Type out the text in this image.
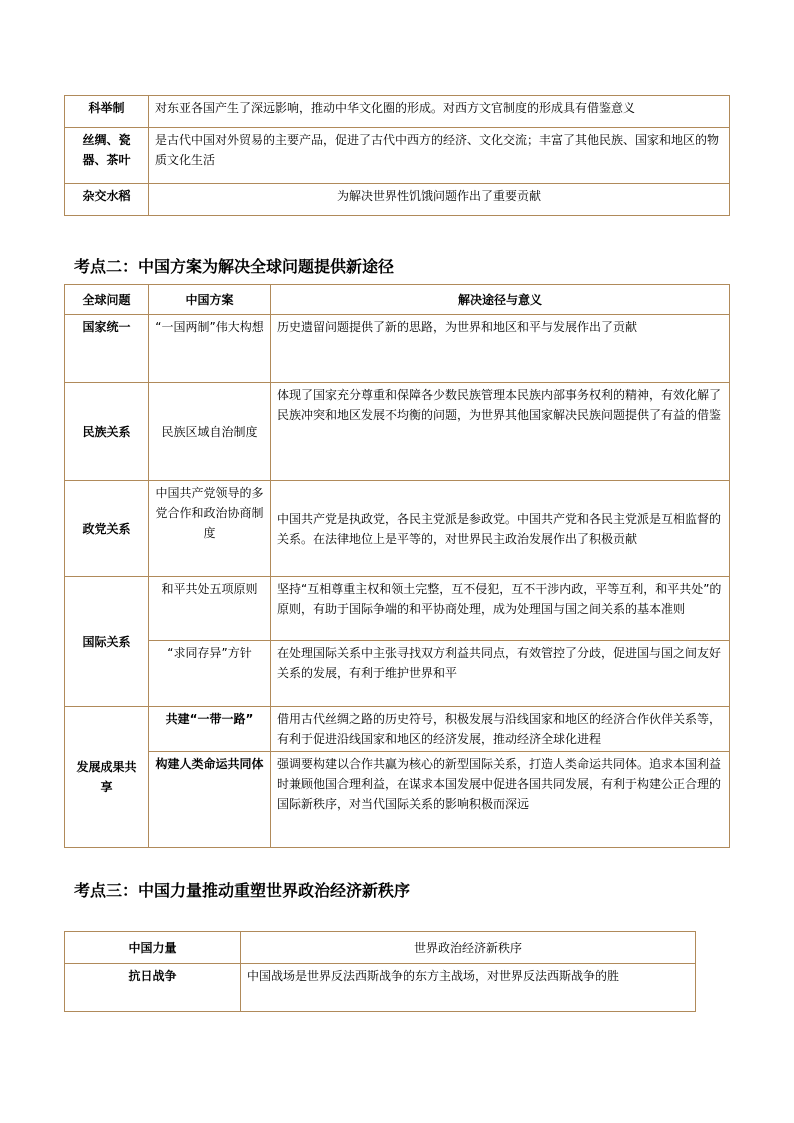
科举制	对东亚各国产生了深远影响，推动中华文化圈的形成。对西方文官制度的形成具有借鉴意义
丝绸、瓷器、茶叶	是古代中国对外贸易的主要产品，促进了古代中西方的经济、文化交流；丰富了其他民族、国家和地区的物质文化生活
杂交水稻	为解决世界性饥饿问题作出了重要贡献
考点二：中国方案为解决全球问题提供新途径
全球问题	中国方案	解决途径与意义
国家统一	“一国两制”伟大构想	历史遗留问题提供了新的思路，为世界和地区和平与发展作出了贡献
民族关系	民族区域自治制度	体现了国家充分尊重和保障各少数民族管理本民族内部事务权利的精神，有效化解了民族冲突和地区发展不均衡的问题，为世界其他国家解决民族问题提供了有益的借鉴
政党关系	中国共产党领导的多党合作和政治协商制度	中国共产党是执政党，各民主党派是参政党。中国共产党和各民主党派是互相监督的关系。在法律地位上是平等的，对世界民主政治发展作出了积极贡献
国际关系	和平共处五项原则	坚持“互相尊重主权和领土完整，互不侵犯，互不干涉内政，平等互利，和平共处”的原则，有助于国际争端的和平协商处理，成为处理国与国之间关系的基本准则
	“求同存异”方针	在处理国际关系中主张寻找双方利益共同点，有效管控了分歧，促进国与国之间友好关系的发展，有利于维护世界和平
发展成果共享	共建“一带一路”	借用古代丝绸之路的历史符号，积极发展与沿线国家和地区的经济合作伙伴关系等，有利于促进沿线国家和地区的经济发展，推动经济全球化进程
	构建人类命运共同体	强调要构建以合作共赢为核心的新型国际关系，打造人类命运共同体。追求本国利益时兼顾他国合理利益，在谋求本国发展中促进各国共同发展，有利于构建公正合理的国际新秩序，对当代国际关系的影响积极而深远
考点三：中国力量推动重塑世界政治经济新秩序
中国力量	世界政治经济新秩序
抗日战争	中国战场是世界反法西斯战争的东方主战场，对世界反法西斯战争的胜
